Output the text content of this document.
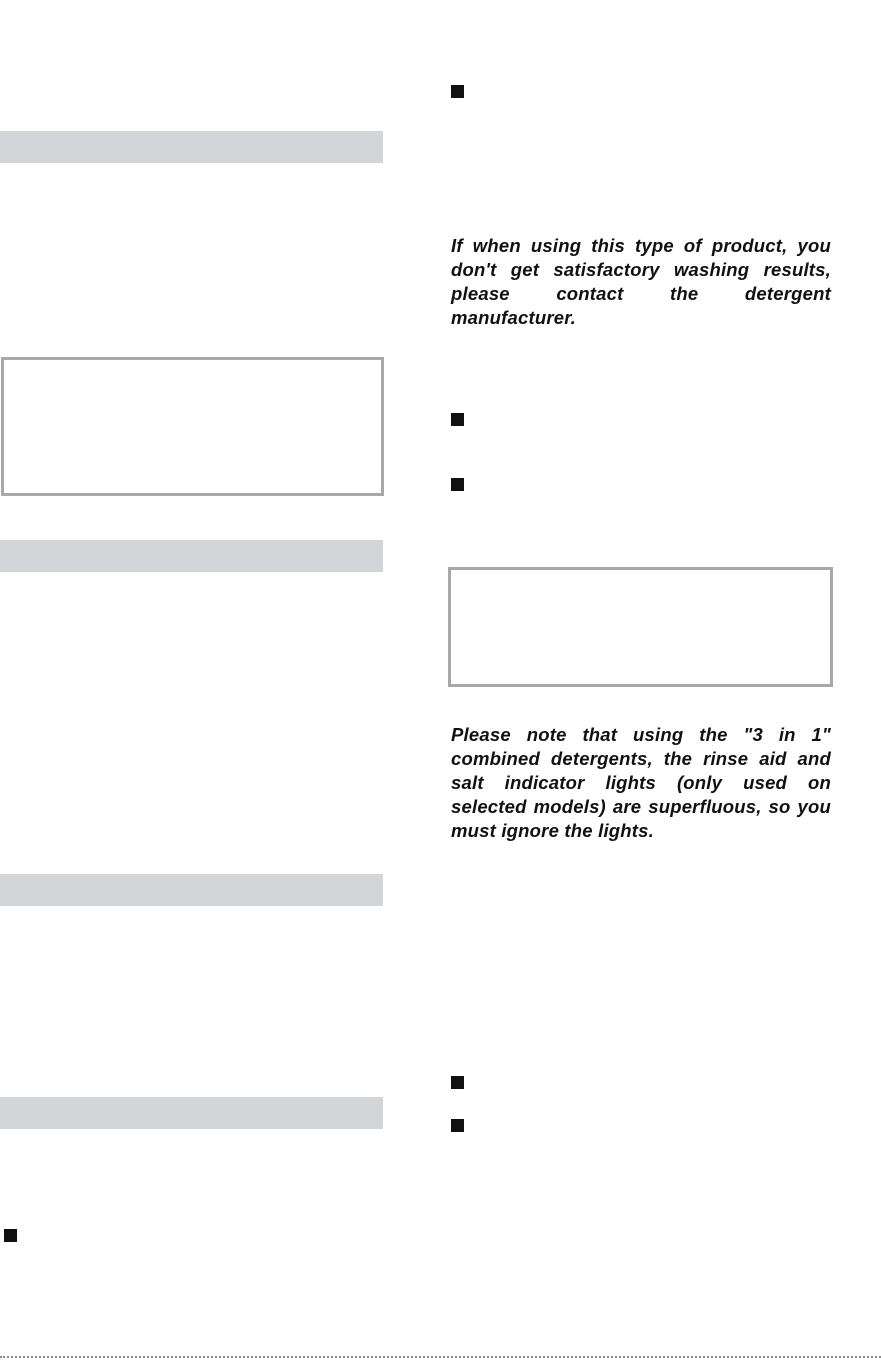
If when using this type of product, you don't get satisfactory washing results, please contact the detergent manufacturer.

Please note that using the "3 in 1" combined detergents, the rinse aid and salt indicator lights (only used on selected models) are superfluous, so you must ignore the lights.
